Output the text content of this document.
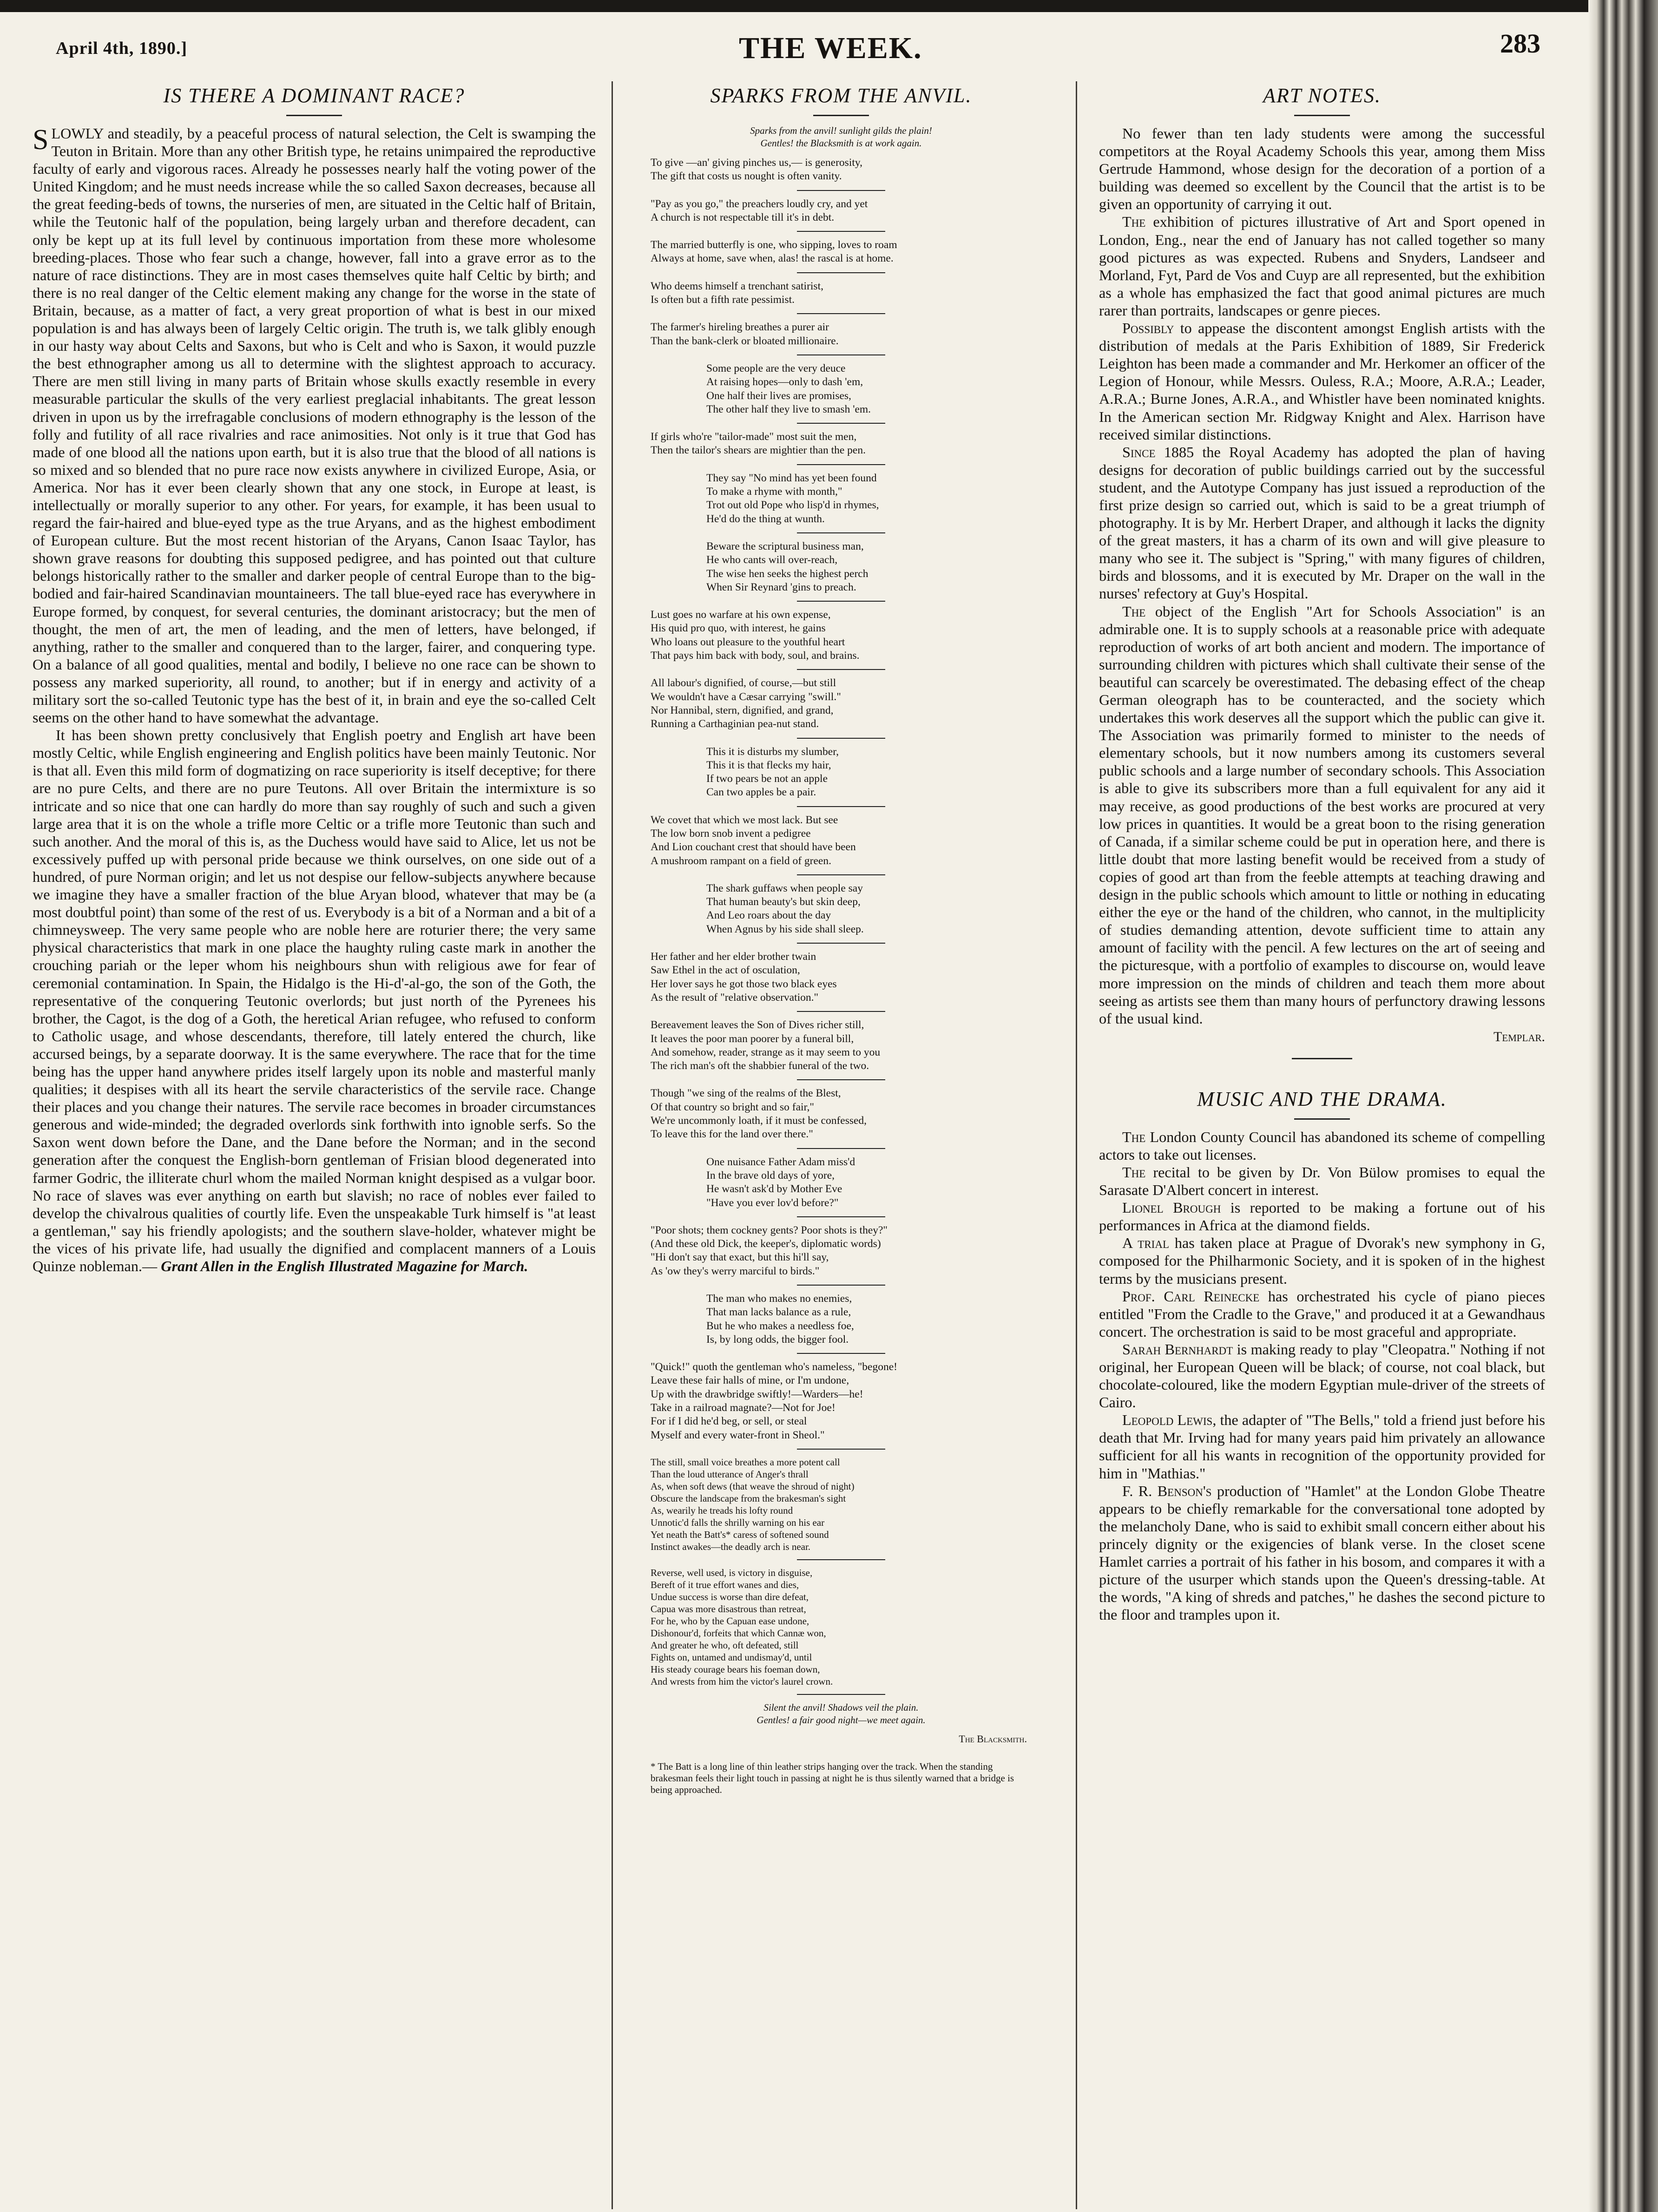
April 4th, 1890.]	THE WEEK.	283
IS THERE A DOMINANT RACE?

SLOWLY and steadily, by a peaceful process of natural selection, the Celt is swamping the Teuton in Britain. More than any other British type, he retains unimpaired the reproductive faculty of early and vigorous races. Already he possesses nearly half the voting power of the United Kingdom; and he must needs increase while the so called Saxon decreases, because all the great feeding-beds of towns, the nurseries of men, are situated in the Celtic half of Britain, while the Teutonic half of the population, being largely urban and therefore decadent, can only be kept up at its full level by continuous importation from these more wholesome breeding-places. Those who fear such a change, however, fall into a grave error as to the nature of race distinctions. They are in most cases themselves quite half Celtic by birth; and there is no real danger of the Celtic element making any change for the worse in the state of Britain, because, as a matter of fact, a very great proportion of what is best in our mixed population is and has always been of largely Celtic origin. The truth is, we talk glibly enough in our hasty way about Celts and Saxons, but who is Celt and who is Saxon, it would puzzle the best ethnographer among us all to determine with the slightest approach to accuracy. There are men still living in many parts of Britain whose skulls exactly resemble in every measurable particular the skulls of the very earliest preglacial inhabitants. The great lesson driven in upon us by the irrefragable conclusions of modern ethnography is the lesson of the folly and futility of all race rivalries and race animosities. Not only is it true that God has made of one blood all the nations upon earth, but it is also true that the blood of all nations is so mixed and so blended that no pure race now exists anywhere in civilized Europe, Asia, or America. Nor has it ever been clearly shown that any one stock, in Europe at least, is intellectually or morally superior to any other. For years, for example, it has been usual to regard the fair-haired and blue-eyed type as the true Aryans, and as the highest embodiment of European culture. But the most recent historian of the Aryans, Canon Isaac Taylor, has shown grave reasons for doubting this supposed pedigree, and has pointed out that culture belongs historically rather to the smaller and darker people of central Europe than to the big-bodied and fair-haired Scandinavian mountaineers. The tall blue-eyed race has everywhere in Europe formed, by conquest, for several centuries, the dominant aristocracy; but the men of thought, the men of art, the men of leading, and the men of letters, have belonged, if anything, rather to the smaller and conquered than to the larger, fairer, and conquering type. On a balance of all good qualities, mental and bodily, I believe no one race can be shown to possess any marked superiority, all round, to another; but if in energy and activity of a military sort the so-called Teutonic type has the best of it, in brain and eye the so-called Celt seems on the other hand to have somewhat the advantage.

It has been shown pretty conclusively that English poetry and English art have been mostly Celtic, while English engineering and English politics have been mainly Teutonic. Nor is that all. Even this mild form of dogmatizing on race superiority is itself deceptive; for there are no pure Celts, and there are no pure Teutons. All over Britain the intermixture is so intricate and so nice that one can hardly do more than say roughly of such and such a given large area that it is on the whole a trifle more Celtic or a trifle more Teutonic than such and such another. And the moral of this is, as the Duchess would have said to Alice, let us not be excessively puffed up with personal pride because we think ourselves, on one side out of a hundred, of pure Norman origin; and let us not despise our fellow-subjects anywhere because we imagine they have a smaller fraction of the blue Aryan blood, whatever that may be (a most doubtful point) than some of the rest of us. Everybody is a bit of a Norman and a bit of a chimneysweep. The very same people who are noble here are roturier there; the very same physical characteristics that mark in one place the haughty ruling caste mark in another the crouching pariah or the leper whom his neighbours shun with religious awe for fear of ceremonial contamination. In Spain, the Hidalgo is the Hi-d'-al-go, the son of the Goth, the representative of the conquering Teutonic overlords; but just north of the Pyrenees his brother, the Cagot, is the dog of a Goth, the heretical Arian refugee, who refused to conform to Catholic usage, and whose descendants, therefore, till lately entered the church, like accursed beings, by a separate doorway. It is the same everywhere. The race that for the time being has the upper hand anywhere prides itself largely upon its noble and masterful manly qualities; it despises with all its heart the servile characteristics of the servile race. Change their places and you change their natures. The servile race becomes in broader circumstances generous and wide-minded; the degraded overlords sink forthwith into ignoble serfs. So the Saxon went down before the Dane, and the Dane before the Norman; and in the second generation after the conquest the English-born gentleman of Frisian blood degenerated into farmer Godric, the illiterate churl whom the mailed Norman knight despised as a vulgar boor. No race of slaves was ever anything on earth but slavish; no race of nobles ever failed to develop the chivalrous qualities of courtly life. Even the unspeakable Turk himself is "at least a gentleman," say his friendly apologists; and the southern slave-holder, whatever might be the vices of his private life, had usually the dignified and complacent manners of a Louis Quinze nobleman.— Grant Allen in the English Illustrated Magazine for March.

SPARKS FROM THE ANVIL.
Sparks from the anvil! sunlight gilds the plain!
Gentles! the Blacksmith is at work again.
To give —an' giving pinches us,— is generosity,
The gift that costs us nought is often vanity.
"Pay as you go," the preachers loudly cry, and yet
A church is not respectable till it's in debt.
The married butterfly is one, who sipping, loves to roam
Always at home, save when, alas! the rascal is at home.
Who deems himself a trenchant satirist,
Is often but a fifth rate pessimist.
The farmer's hireling breathes a purer air
Than the bank-clerk or bloated millionaire.
Some people are the very deuce
At raising hopes—only to dash 'em,
One half their lives are promises,
The other half they live to smash 'em.
If girls who're "tailor-made" most suit the men,
Then the tailor's shears are mightier than the pen.
They say "No mind has yet been found
To make a rhyme with month,"
Trot out old Pope who lisp'd in rhymes,
He'd do the thing at wunth.
Beware the scriptural business man,
He who cants will over-reach,
The wise hen seeks the highest perch
When Sir Reynard 'gins to preach.
Lust goes no warfare at his own expense,
His quid pro quo, with interest, he gains
Who loans out pleasure to the youthful heart
That pays him back with body, soul, and brains.
All labour's dignified, of course,—but still
We wouldn't have a Cæsar carrying "swill."
Nor Hannibal, stern, dignified, and grand,
Running a Carthaginian pea-nut stand.
This it is disturbs my slumber,
This it is that flecks my hair,
If two pears be not an apple
Can two apples be a pair.
We covet that which we most lack. But see
The low born snob invent a pedigree
And Lion couchant crest that should have been
A mushroom rampant on a field of green.
The shark guffaws when people say
That human beauty's but skin deep,
And Leo roars about the day
When Agnus by his side shall sleep.
Her father and her elder brother twain
Saw Ethel in the act of osculation,
Her lover says he got those two black eyes
As the result of "relative observation."
Bereavement leaves the Son of Dives richer still,
It leaves the poor man poorer by a funeral bill,
And somehow, reader, strange as it may seem to you
The rich man's oft the shabbier funeral of the two.
Though "we sing of the realms of the Blest,
Of that country so bright and so fair,"
We're uncommonly loath, if it must be confessed,
To leave this for the land over there."
One nuisance Father Adam miss'd
In the brave old days of yore,
He wasn't ask'd by Mother Eve
"Have you ever lov'd before?"
"Poor shots; them cockney gents? Poor shots is they?"
(And these old Dick, the keeper's, diplomatic words)
"Hi don't say that exact, but this hi'll say,
As 'ow they's werry marciful to birds."
The man who makes no enemies,
That man lacks balance as a rule,
But he who makes a needless foe,
Is, by long odds, the bigger fool.
"Quick!" quoth the gentleman who's nameless, "begone!
Leave these fair halls of mine, or I'm undone,
Up with the drawbridge swiftly!—Warders—he!
Take in a railroad magnate?—Not for Joe!
For if I did he'd beg, or sell, or steal
Myself and every water-front in Sheol."
The still, small voice breathes a more potent call
Than the loud utterance of Anger's thrall
As, when soft dews (that weave the shroud of night)
Obscure the landscape from the brakesman's sight
As, wearily he treads his lofty round
Unnotic'd falls the shrilly warning on his ear
Yet neath the Batt's* caress of softened sound
Instinct awakes—the deadly arch is near.
Reverse, well used, is victory in disguise,
Bereft of it true effort wanes and dies,
Undue success is worse than dire defeat,
Capua was more disastrous than retreat,
For he, who by the Capuan ease undone,
Dishonour'd, forfeits that which Cannæ won,
And greater he who, oft defeated, still
Fights on, untamed and undismay'd, until
His steady courage bears his foeman down,
And wrests from him the victor's laurel crown.
Silent the anvil! Shadows veil the plain.
Gentles! a fair good night—we meet again.
The Blacksmith.
* The Batt is a long line of thin leather strips hanging over the track. When the standing brakesman feels their light touch in passing at night he is thus silently warned that a bridge is being approached.
ART NOTES.

No fewer than ten lady students were among the successful competitors at the Royal Academy Schools this year, among them Miss Gertrude Hammond, whose design for the decoration of a portion of a building was deemed so excellent by the Council that the artist is to be given an opportunity of carrying it out.

The exhibition of pictures illustrative of Art and Sport opened in London, Eng., near the end of January has not called together so many good pictures as was expected. Rubens and Snyders, Landseer and Morland, Fyt, Pard de Vos and Cuyp are all represented, but the exhibition as a whole has emphasized the fact that good animal pictures are much rarer than portraits, landscapes or genre pieces.

Possibly to appease the discontent amongst English artists with the distribution of medals at the Paris Exhibition of 1889, Sir Frederick Leighton has been made a commander and Mr. Herkomer an officer of the Legion of Honour, while Messrs. Ouless, R.A.; Moore, A.R.A.; Leader, A.R.A.; Burne Jones, A.R.A., and Whistler have been nominated knights. In the American section Mr. Ridgway Knight and Alex. Harrison have received similar distinctions.

Since 1885 the Royal Academy has adopted the plan of having designs for decoration of public buildings carried out by the successful student, and the Autotype Company has just issued a reproduction of the first prize design so carried out, which is said to be a great triumph of photography. It is by Mr. Herbert Draper, and although it lacks the dignity of the great masters, it has a charm of its own and will give pleasure to many who see it. The subject is "Spring," with many figures of children, birds and blossoms, and it is executed by Mr. Draper on the wall in the nurses' refectory at Guy's Hospital.

The object of the English "Art for Schools Association" is an admirable one. It is to supply schools at a reasonable price with adequate reproduction of works of art both ancient and modern. The importance of surrounding children with pictures which shall cultivate their sense of the beautiful can scarcely be overestimated. The debasing effect of the cheap German oleograph has to be counteracted, and the society which undertakes this work deserves all the support which the public can give it. The Association was primarily formed to minister to the needs of elementary schools, but it now numbers among its customers several public schools and a large number of secondary schools. This Association is able to give its subscribers more than a full equivalent for any aid it may receive, as good productions of the best works are procured at very low prices in quantities. It would be a great boon to the rising generation of Canada, if a similar scheme could be put in operation here, and there is little doubt that more lasting benefit would be received from a study of copies of good art than from the feeble attempts at teaching drawing and design in the public schools which amount to little or nothing in educating either the eye or the hand of the children, who cannot, in the multiplicity of studies demanding attention, devote sufficient time to attain any amount of facility with the pencil. A few lectures on the art of seeing and the picturesque, with a portfolio of examples to discourse on, would leave more impression on the minds of children and teach them more about seeing as artists see them than many hours of perfunctory drawing lessons of the usual kind.

Templar.
MUSIC AND THE DRAMA.

The London County Council has abandoned its scheme of compelling actors to take out licenses.

The recital to be given by Dr. Von Bülow promises to equal the Sarasate D'Albert concert in interest.

Lionel Brough is reported to be making a fortune out of his performances in Africa at the diamond fields.

A trial has taken place at Prague of Dvorak's new symphony in G, composed for the Philharmonic Society, and it is spoken of in the highest terms by the musicians present.

Prof. Carl Reinecke has orchestrated his cycle of piano pieces entitled "From the Cradle to the Grave," and produced it at a Gewandhaus concert. The orchestration is said to be most graceful and appropriate.

Sarah Bernhardt is making ready to play "Cleopatra." Nothing if not original, her European Queen will be black; of course, not coal black, but chocolate-coloured, like the modern Egyptian mule-driver of the streets of Cairo.

Leopold Lewis, the adapter of "The Bells," told a friend just before his death that Mr. Irving had for many years paid him privately an allowance sufficient for all his wants in recognition of the opportunity provided for him in "Mathias."

F. R. Benson's production of "Hamlet" at the London Globe Theatre appears to be chiefly remarkable for the conversational tone adopted by the melancholy Dane, who is said to exhibit small concern either about his princely dignity or the exigencies of blank verse. In the closet scene Hamlet carries a portrait of his father in his bosom, and compares it with a picture of the usurper which stands upon the Queen's dressing-table. At the words, "A king of shreds and patches," he dashes the second picture to the floor and tramples upon it.
